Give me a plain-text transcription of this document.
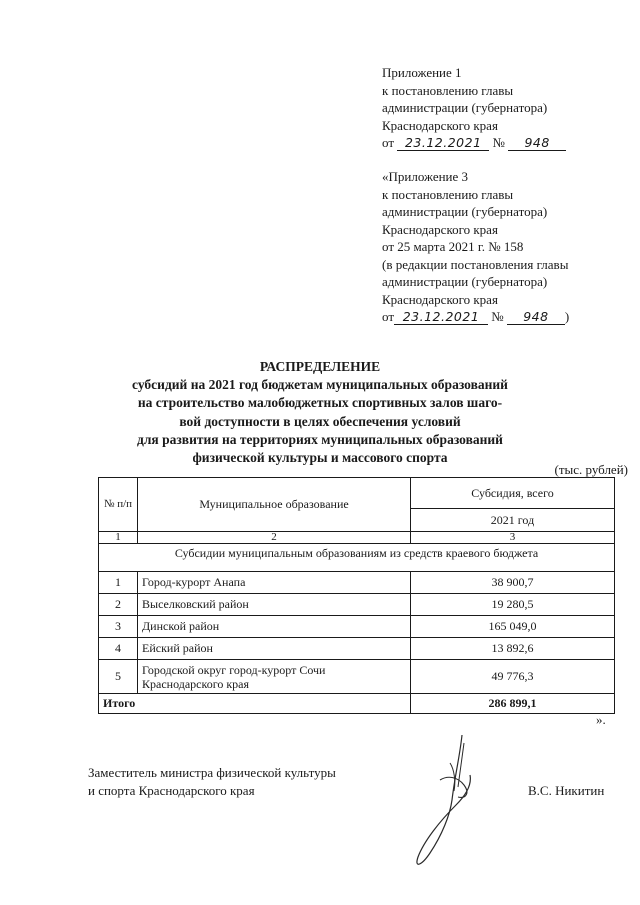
Приложение 1
к постановлению главы
администрации (губернатора)
Краснодарского края
от 23.12.2021 № 948
«Приложение 3
к постановлению главы
администрации (губернатора)
Краснодарского края
от 25 марта 2021 г. № 158
(в редакции постановления главы
администрации (губернатора)
Краснодарского края
от 23.12.2021 № 948 )
РАСПРЕДЕЛЕНИЕ
субсидий на 2021 год бюджетам муниципальных образований
на строительство малобюджетных спортивных залов шаго-
вой доступности в целях обеспечения условий
для развития на территориях муниципальных образований
физической культуры и массового спорта
(тыс. рублей)
№ п/п	Муниципальное образование	Субсидия, всего
		2021 год
1	2	3
Субсидии муниципальным образованиям из средств краевого бюджета		
1	Город-курорт Анапа	38 900,7
2	Выселковский район	19 280,5
3	Динской район	165 049,0
4	Ейский район	13 892,6
5	Городской округ город-курорт Сочи
Краснодарского края	49 776,3
Итого		286 899,1
».
Заместитель министра физической культуры
и спорта Краснодарского края	В.С. Никитин
